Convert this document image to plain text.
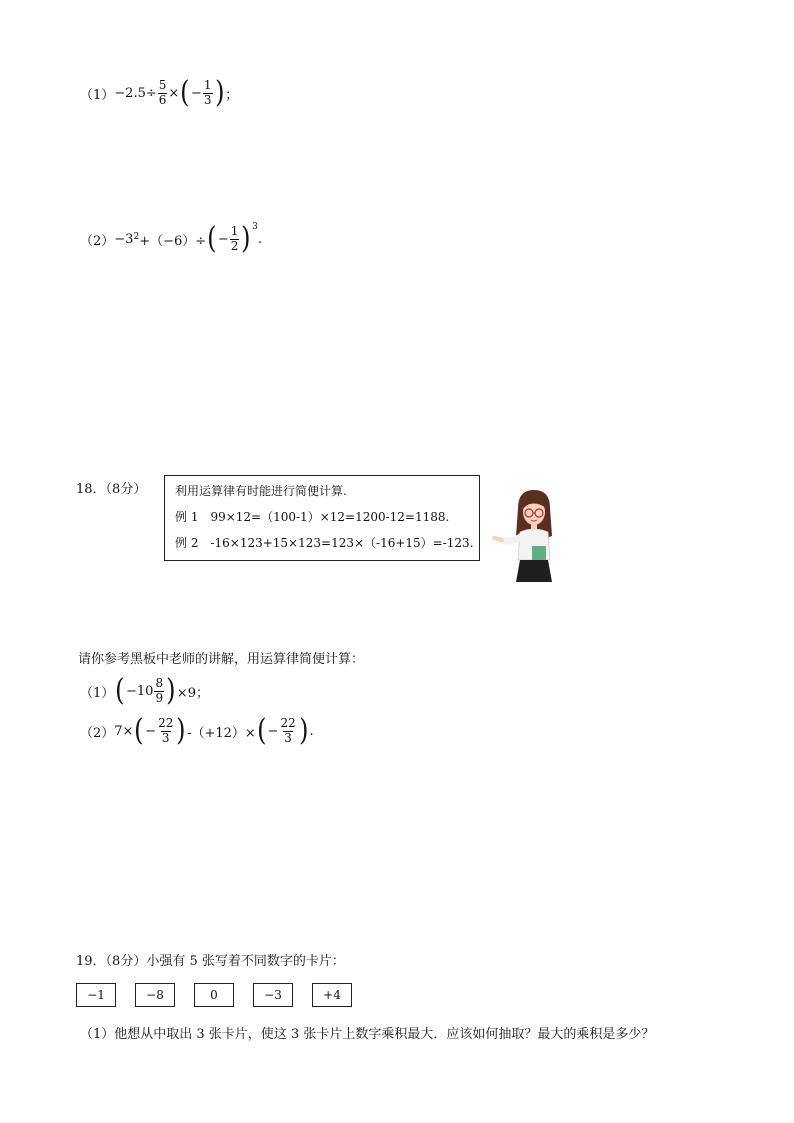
$(1) -2.5\div \frac{5}{6}$ × ( − $\frac{1}{3}$ ) ；
（2） −3 2 +（−6）÷ ( − $\frac{1}{2}$ ) 3
.
18．（8分） 利用运算律有时能进行简便计算.
例 1　99×12=（100-1）×12=1200-12=1188.
例 2　-16×123+15×123=123×（-16+15）=-123.
请你参考黑板中老师的讲解，用运算律简便计算：
（1） ( $-10 \frac{8}{9}$ ) ×9；
（2） 7× ( − $\frac{22}{3}$ ) -（+12）× ( − $\frac{22}{3}$ ) .
19．（8分）小强有 5 张写着不同数字的卡片：
−1	−8	0	−3	+4
（1）他想从中取出 3 张卡片，使这 3 张卡片上数字乘积最大．应该如何抽取？最大的乘积是多少？
